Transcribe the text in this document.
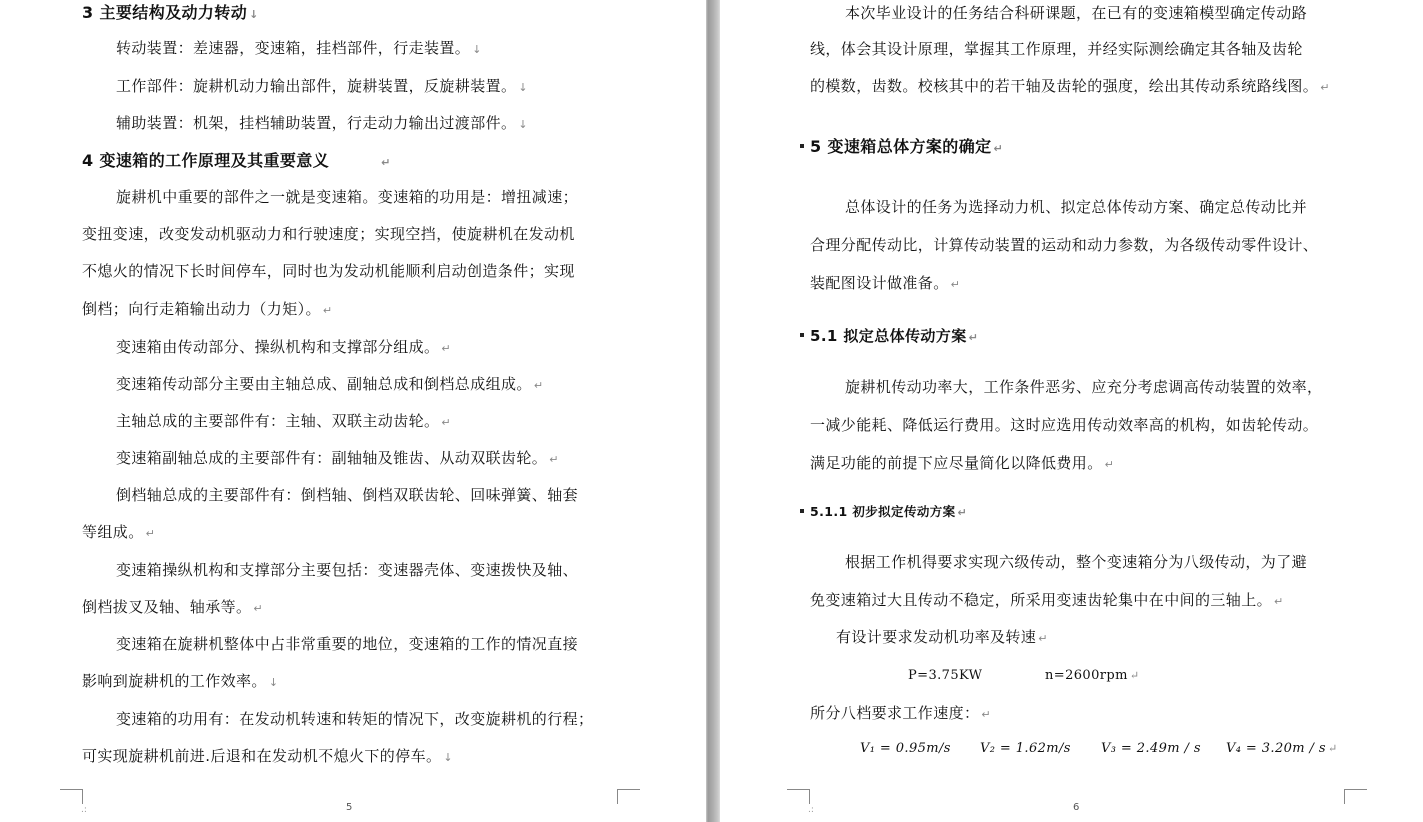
3 主要结构及动力转动 ↓
转动装置：差速器，变速箱，挂档部件，行走装置。 ↓
工作部件：旋耕机动力输出部件，旋耕装置，反旋耕装置。 ↓
辅助装置：机架，挂档辅助装置，行走动力输出过渡部件。 ↓
4 变速箱的工作原理及其重要意义	↵
旋耕机中重要的部件之一就是变速箱。变速箱的功用是：增扭减速；
变扭变速，改变发动机驱动力和行驶速度；实现空挡，使旋耕机在发动机
不熄火的情况下长时间停车，同时也为发动机能顺利启动创造条件；实现
倒档；向行走箱输出动力（力矩）。 ↵
变速箱由传动部分、操纵机构和支撑部分组成。 ↵
变速箱传动部分主要由主轴总成、副轴总成和倒档总成组成。 ↵
主轴总成的主要部件有：主轴、双联主动齿轮。 ↵
变速箱副轴总成的主要部件有：副轴轴及锥齿、从动双联齿轮。 ↵
倒档轴总成的主要部件有：倒档轴、倒档双联齿轮、回味弹簧、轴套
等组成。 ↵
变速箱操纵机构和支撑部分主要包括：变速器壳体、变速拨快及轴、
倒档拔叉及轴、轴承等。 ↵
变速箱在旋耕机整体中占非常重要的地位，变速箱的工作的情况直接
影响到旋耕机的工作效率。 ↓
变速箱的功用有：在发动机转速和转矩的情况下，改变旋耕机的行程；
可实现旋耕机前进.后退和在发动机不熄火下的停车。 ↓
.:	5
本次毕业设计的任务结合科研课题，在已有的变速箱模型确定传动路
线，体会其设计原理，掌握其工作原理，并经实际测绘确定其各轴及齿轮
的模数，齿数。校核其中的若干轴及齿轮的强度，绘出其传动系统路线图。 ↵
5 变速箱总体方案的确定 ↵
总体设计的任务为选择动力机、拟定总体传动方案、确定总传动比并
合理分配传动比，计算传动装置的运动和动力参数，为各级传动零件设计、
装配图设计做准备。 ↵
5.1 拟定总体传动方案 ↵
旋耕机传动功率大，工作条件恶劣、应充分考虑调高传动装置的效率，
一减少能耗、降低运行费用。这时应选用传动效率高的机构，如齿轮传动。
满足功能的前提下应尽量简化以降低费用。 ↵
5.1.1 初步拟定传动方案 ↵
根据工作机得要求实现六级传动，整个变速箱分为八级传动，为了避
免变速箱过大且传动不稳定，所采用变速齿轮集中在中间的三轴上。 ↵
有设计要求发动机功率及转速 ↵
P=3.75KW	n=2600rpm ↵
所分八档要求工作速度： ↵
V₁ = 0.95m/s V₂ = 1.62m/s V₃ = 2.49m / s V₄ = 3.20m / s ↵
.:	6
